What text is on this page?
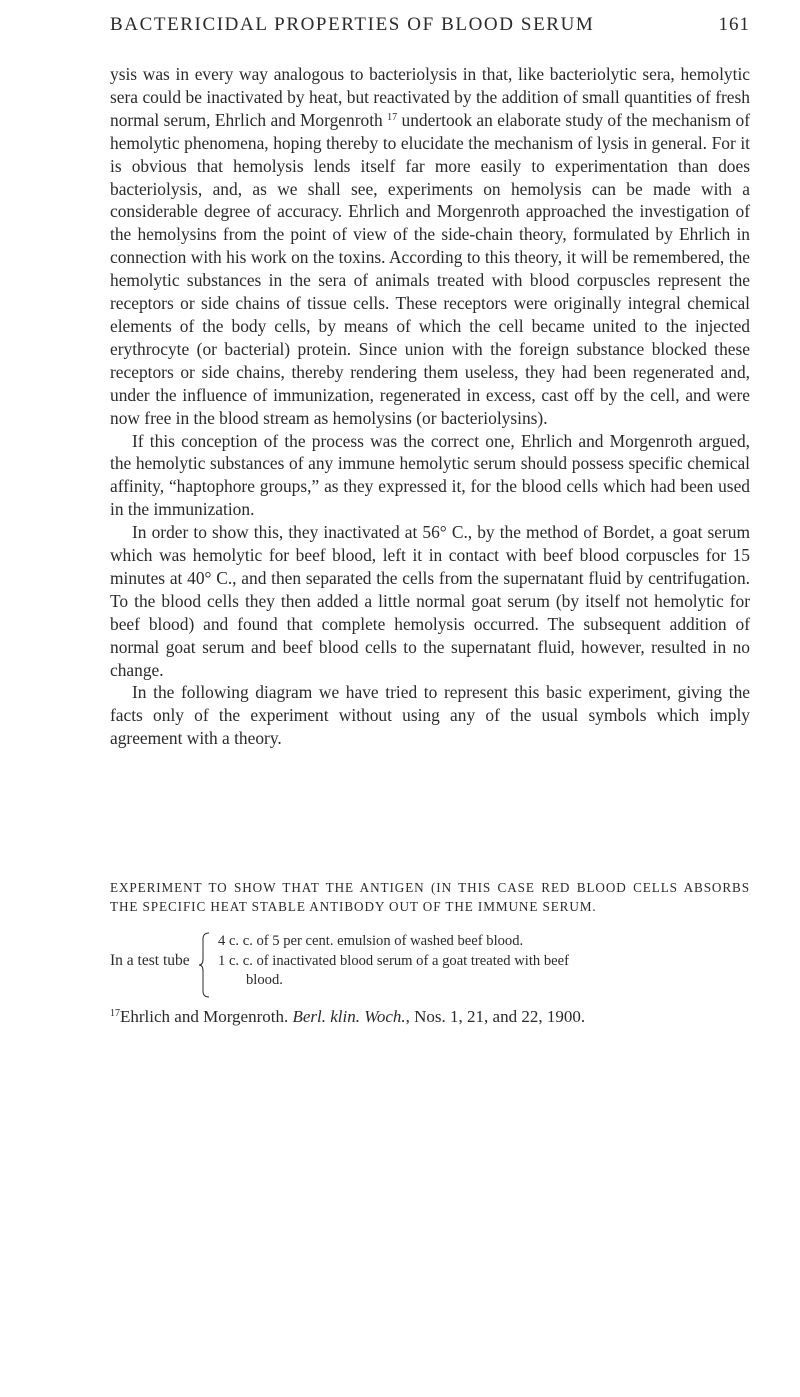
BACTERICIDAL PROPERTIES OF BLOOD SERUM	161

ysis was in every way analogous to bacteriolysis in that, like bacteriolytic sera, hemolytic sera could be inactivated by heat, but reactivated by the addition of small quantities of fresh normal serum, Ehrlich and Morgenroth $^{17}$ undertook an elaborate study of the mechanism of hemolytic phenomena, hoping thereby to elucidate the mechanism of lysis in general. For it is obvious that hemolysis lends itself far more easily to experimentation than does bacteriolysis, and, as we shall see, experiments on hemolysis can be made with a considerable degree of accuracy. Ehrlich and Morgenroth approached the investigation of the hemolysins from the point of view of the side-chain theory, formulated by Ehrlich in connection with his work on the toxins. According to this theory, it will be remembered, the hemolytic substances in the sera of animals treated with blood corpuscles represent the receptors or side chains of tissue cells. These receptors were originally integral chemical elements of the body cells, by means of which the cell became united to the injected erythrocyte (or bacterial) protein. Since union with the foreign substance blocked these receptors or side chains, thereby rendering them useless, they had been regenerated and, under the influence of immunization, regenerated in excess, cast off by the cell, and were now free in the blood stream as hemolysins (or bacteriolysins).

If this conception of the process was the correct one, Ehrlich and Morgenroth argued, the hemolytic substances of any immune hemolytic serum should possess specific chemical affinity, “haptophore groups,” as they expressed it, for the blood cells which had been used in the immunization.

In order to show this, they inactivated at 56° C., by the method of Bordet, a goat serum which was hemolytic for beef blood, left it in contact with beef blood corpuscles for 15 minutes at 40° C., and then separated the cells from the supernatant fluid by centrifugation. To the blood cells they then added a little normal goat serum (by itself not hemolytic for beef blood) and found that complete hemolysis occurred. The subsequent addition of normal goat serum and beef blood cells to the supernatant fluid, however, resulted in no change.

In the following diagram we have tried to represent this basic experiment, giving the facts only of the experiment without using any of the usual symbols which imply agreement with a theory.

EXPERIMENT TO SHOW THAT THE ANTIGEN (IN THIS CASE RED BLOOD CELLS ABSORBS THE SPECIFIC HEAT STABLE ANTIBODY OUT OF THE IMMUNE SERUM.
In a test tube
4 c. c. of 5 per cent. emulsion of washed beef blood.
1 c. c. of inactivated blood serum of a goat treated with beef
blood.
$^{17}$Ehrlich and Morgenroth. Berl. klin. Woch., Nos. 1, 21, and 22, 1900.
